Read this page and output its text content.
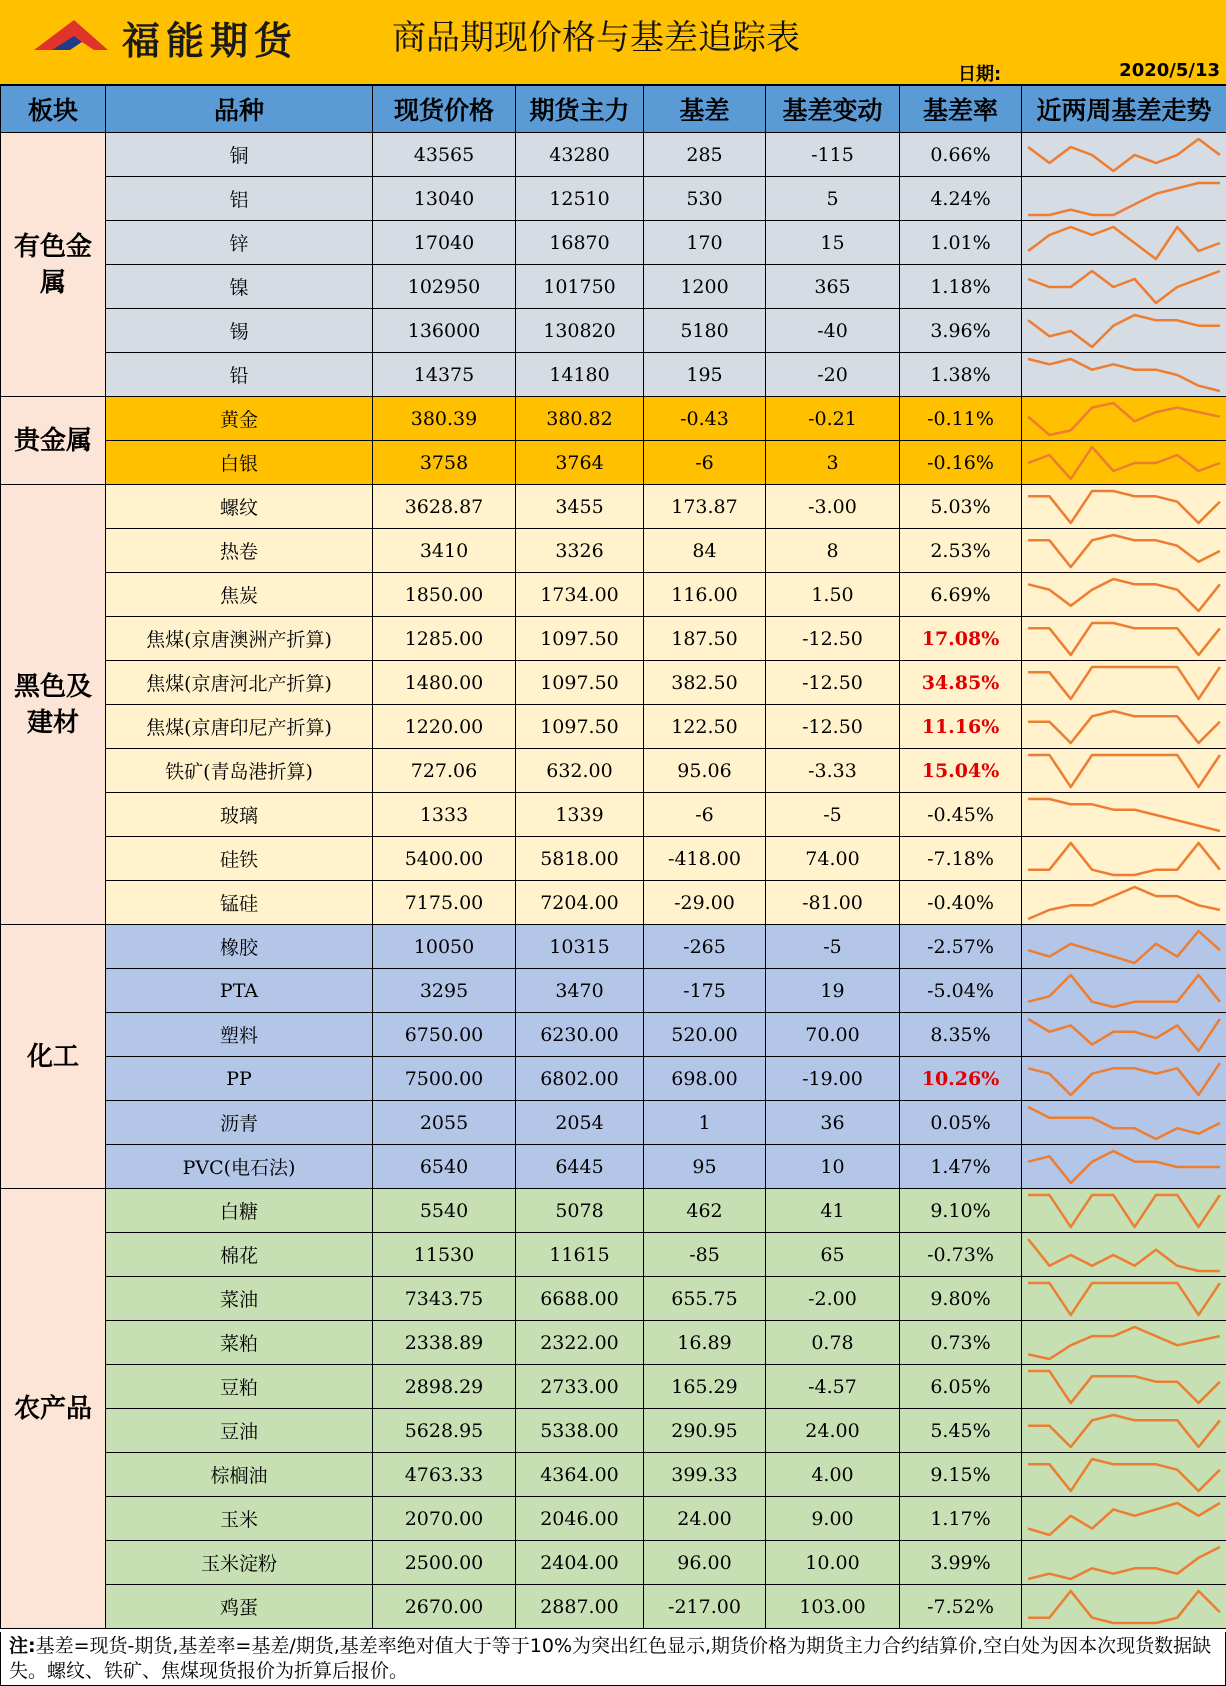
福能期货	商品期现价格与基差追踪表
日期:	2020/5/13
板块	品种	现货价格	期货主力	基差	基差变动	基差率	近两周基差走势
有色金属	铜	43565	43280	285	-115	0.66%	

	铝	13040	12510	530	5	4.24%	

	锌	17040	16870	170	15	1.01%	

	镍	102950	101750	1200	365	1.18%	

	锡	136000	130820	5180	-40	3.96%	

	铅	14375	14180	195	-20	1.38%	

贵金属	黄金	380.39	380.82	-0.43	-0.21	-0.11%	

	白银	3758	3764	-6	3	-0.16%	

黑色及建材	螺纹	3628.87	3455	173.87	-3.00	5.03%	

	热卷	3410	3326	84	8	2.53%	

	焦炭	1850.00	1734.00	116.00	1.50	6.69%	

	焦煤(京唐澳洲产折算)	1285.00	1097.50	187.50	-12.50	17.08%	

	焦煤(京唐河北产折算)	1480.00	1097.50	382.50	-12.50	34.85%	

	焦煤(京唐印尼产折算)	1220.00	1097.50	122.50	-12.50	11.16%	

	铁矿(青岛港折算)	727.06	632.00	95.06	-3.33	15.04%	

	玻璃	1333	1339	-6	-5	-0.45%	

	硅铁	5400.00	5818.00	-418.00	74.00	-7.18%	

	锰硅	7175.00	7204.00	-29.00	-81.00	-0.40%	

化工	橡胶	10050	10315	-265	-5	-2.57%	

	PTA	3295	3470	-175	19	-5.04%	

	塑料	6750.00	6230.00	520.00	70.00	8.35%	

	PP	7500.00	6802.00	698.00	-19.00	10.26%	

	沥青	2055	2054	1	36	0.05%	

	PVC(电石法)	6540	6445	95	10	1.47%	

农产品	白糖	5540	5078	462	41	9.10%	

	棉花	11530	11615	-85	65	-0.73%	

	菜油	7343.75	6688.00	655.75	-2.00	9.80%	

	菜粕	2338.89	2322.00	16.89	0.78	0.73%	

	豆粕	2898.29	2733.00	165.29	-4.57	6.05%	

	豆油	5628.95	5338.00	290.95	24.00	5.45%	

	棕榈油	4763.33	4364.00	399.33	4.00	9.15%	

	玉米	2070.00	2046.00	24.00	9.00	1.17%	

	玉米淀粉	2500.00	2404.00	96.00	10.00	3.99%	

	鸡蛋	2670.00	2887.00	-217.00	103.00	-7.52%	
注:基差=现货-期货,基差率=基差/期货,基差率绝对值大于等于10%为突出红色显示,期货价格为期货主力合约结算价,空白处为因本次现货数据缺失。螺纹、铁矿、焦煤现货报价为折算后报价。
